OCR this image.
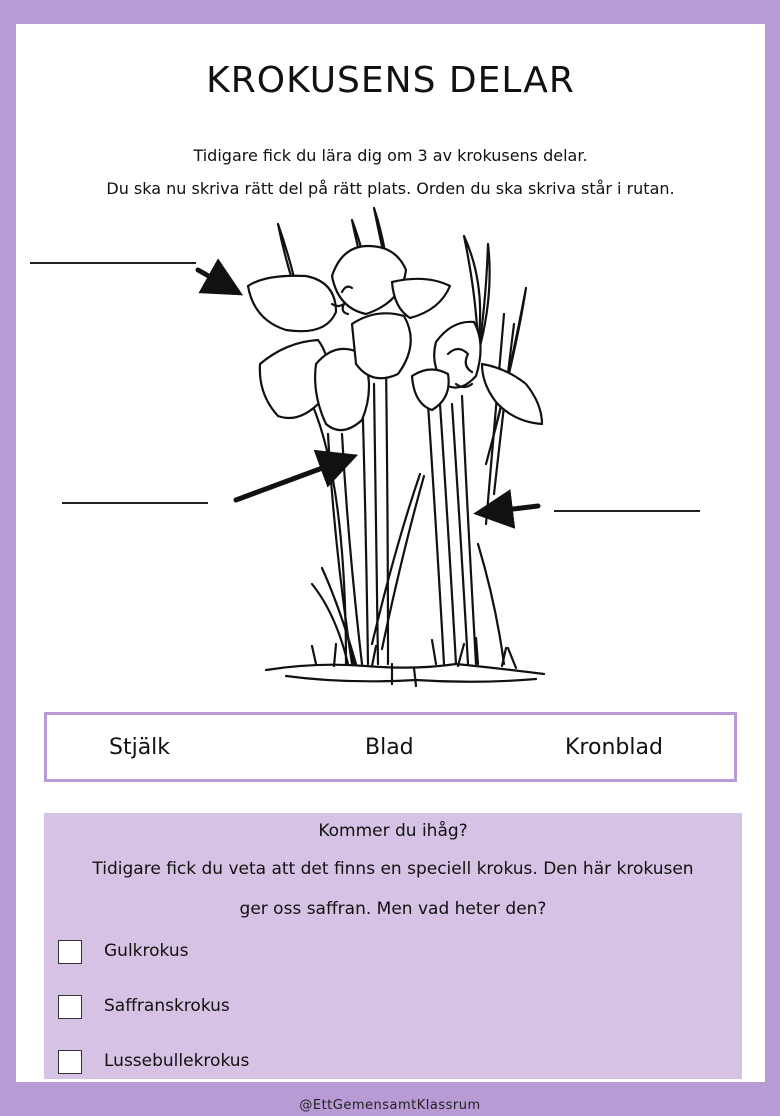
KROKUSENS DELAR
Tidigare fick du lära dig om 3 av krokusens delar.
Du ska nu skriva rätt del på rätt plats. Orden du ska skriva står i rutan.
Stjälk	Blad	Kronblad
Kommer du ihåg?
Tidigare fick du veta att det finns en speciell krokus. Den här krokusen
ger oss saffran. Men vad heter den?
Gulkrokus
Saffranskrokus
Lussebullekrokus
@EttGemensamtKlassrum
